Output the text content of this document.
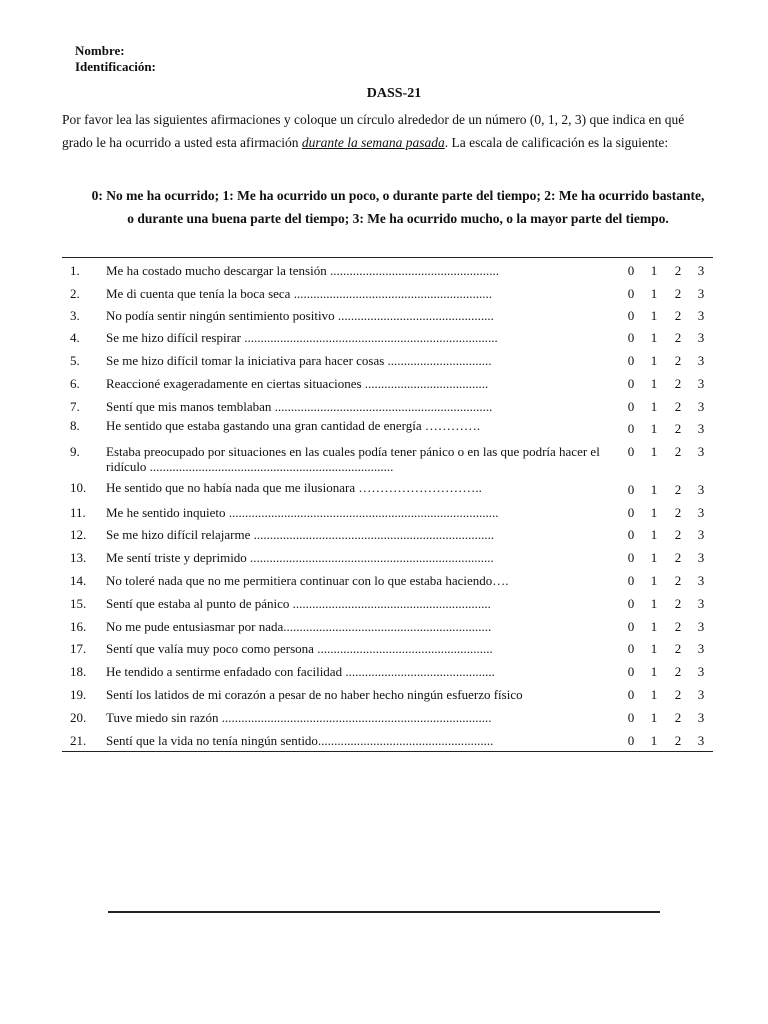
Nombre:
Identificación:
DASS-21
Por favor lea las siguientes afirmaciones y coloque un círculo alrededor de un número (0, 1, 2, 3) que indica en qué grado le ha ocurrido a usted esta afirmación durante la semana pasada. La escala de calificación es la siguiente:
0: No me ha ocurrido; 1: Me ha ocurrido un poco, o durante parte del tiempo; 2: Me ha ocurrido bastante, o durante una buena parte del tiempo; 3: Me ha ocurrido mucho, o la mayor parte del tiempo.
1. Me ha costado mucho descargar la tensión ....................................................	0 1 2 3
2. Me di cuenta que tenía la boca seca .............................................................	0 1 2 3
3. No podía sentir ningún sentimiento positivo ................................................	0 1 2 3
4. Se me hizo difícil respirar ..............................................................................	0 1 2 3
5. Se me hizo difícil tomar la iniciativa para hacer cosas ................................	0 1 2 3
6. Reaccioné exageradamente en ciertas situaciones ......................................	0 1 2 3
7. Sentí que mis manos temblaban ...................................................................	0 1 2 3
8. He sentido que estaba gastando una gran cantidad de energía ………….	0 1 2 3
9. Estaba preocupado por situaciones en las cuales podía tener pánico o en las que podría hacer el ridículo ...........................................................................
0 1 2 3
10. He sentido que no había nada que me ilusionara ………………………..	0 1 2 3
11. Me he sentido inquieto ...................................................................................	0 1 2 3
12. Se me hizo difícil relajarme ..........................................................................	0 1 2 3
13. Me sentí triste y deprimido ...........................................................................	0 1 2 3
14. No toleré nada que no me permitiera continuar con lo que estaba haciendo….	0 1 2 3
15. Sentí que estaba al punto de pánico .............................................................	0 1 2 3
16. No me pude entusiasmar por nada................................................................	0 1 2 3
17. Sentí que valía muy poco como persona ......................................................	0 1 2 3
18. He tendido a sentirme enfadado con facilidad ..............................................	0 1 2 3
19. Sentí los latidos de mi corazón a pesar de no haber hecho ningún esfuerzo físico	0 1 2 3
20. Tuve miedo sin razón ...................................................................................	0 1 2 3
21. Sentí que la vida no tenía ningún sentido......................................................	0 1 2 3
